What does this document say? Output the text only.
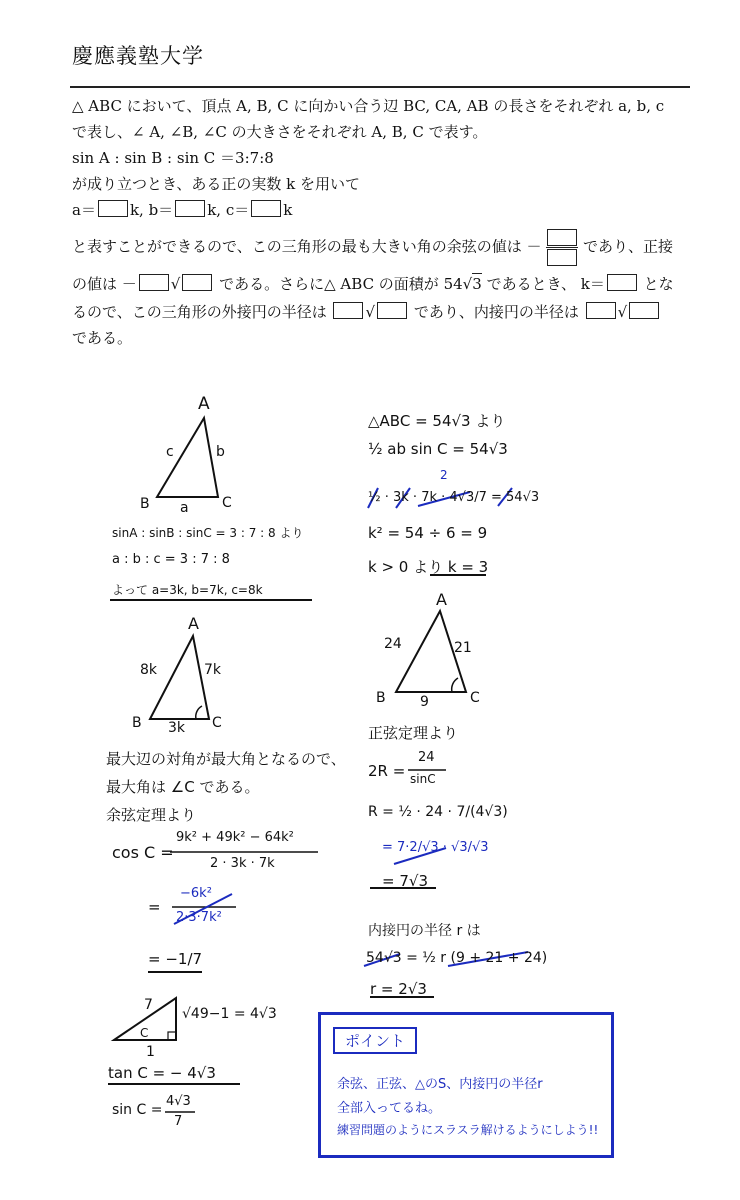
慶應義塾大学
△ ABC において、頂点 A, B, C に向かい合う辺 BC, CA, AB の長さをそれぞれ a, b, c
で表し、∠ A, ∠B, ∠C の大きさをそれぞれ A, B, C で表す。
sin A : sin B : sin C ＝3:7:8
が成り立つとき、ある正の実数 k を用いて
a＝ k, b＝ k, c＝ k
と表すことができるので、この三角形の最も大きい角の余弦の値は －	であり、正接
の値は － √	である。さらに△ ABC の面積が 54√3 であるとき、 k＝	とな
るので、この三角形の外接円の半径は	√	であり、内接円の半径は	√
である。
A
B	C
c	b
a
sinA : sinB : sinC = 3 : 7 : 8 より
a : b : c = 3 : 7 : 8
よって a=3k, b=7k, c=8k
A
B	C
8k	7k
3k
最大辺の対角が最大角となるので、
最大角は ∠C である。
余弦定理より
cos C =
9k² + 49k² − 64k²
2 · 3k · 7k
=
−6k²
2·3·7k²
= −1/7
7
C
1
√49−1 = 4√3
tan C = − 4√3
sin C =
4√3
7
△ABC = 54√3 より
½ ab sin C = 54√3
2
½ · 3k · 7k · 4√3/7 = 54√3
k² = 54 ÷ 6 = 9
k > 0 より k = 3
A
B	C
24	21
9
正弦定理より
2R =
24
sinC
R = ½ · 24 · 7/(4√3)
= 7·2/√3 · √3/√3
= 7√3
内接円の半径 r は
54√3 = ½ r (9 + 21 + 24)
r = 2√3
ポイント
余弦、正弦、△のS、内接円の半径r
全部入ってるね。
練習問題のようにスラスラ解けるようにしよう!!
